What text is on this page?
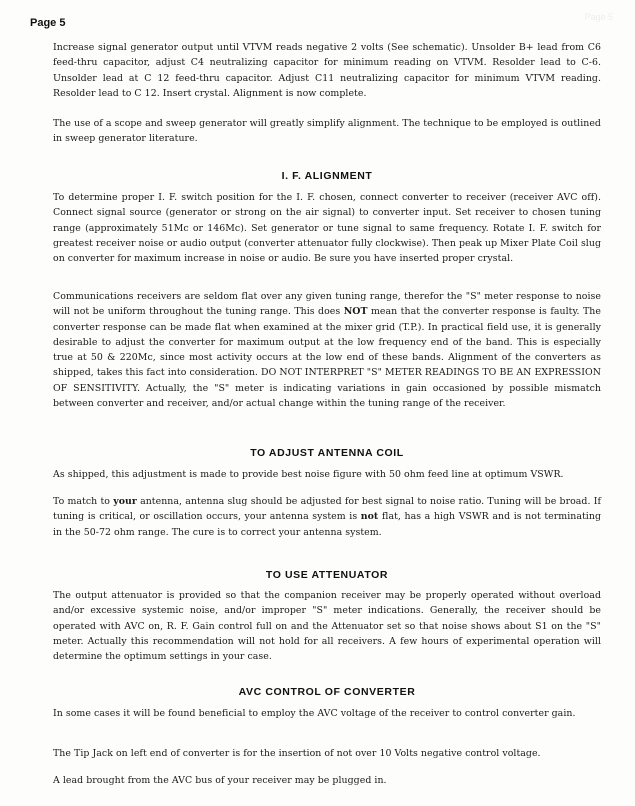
Page 5
Page 5

Increase signal generator output until VTVM reads negative 2 volts (See schematic). Unsolder B+ lead from C6 feed-thru capacitor, adjust C4 neutralizing capacitor for minimum reading on VTVM. Resolder lead to C-6. Unsolder lead at C 12 feed-thru capacitor. Adjust C11 neutralizing capacitor for minimum VTVM reading. Resolder lead to C 12. Insert crystal. Alignment is now complete.

The use of a scope and sweep generator will greatly simplify alignment. The technique to be employed is outlined in sweep generator literature.

I. F. ALIGNMENT

To determine proper I. F. switch position for the I. F. chosen, connect converter to receiver (receiver AVC off). Connect signal source (generator or strong on the air signal) to converter input. Set receiver to chosen tuning range (approximately 51Mc or 146Mc). Set generator or tune signal to same frequency. Rotate I. F. switch for greatest receiver noise or audio output (converter attenuator fully clockwise). Then peak up Mixer Plate Coil slug on converter for maximum increase in noise or audio. Be sure you have inserted proper crystal.

Communications receivers are seldom flat over any given tuning range, therefor the "S" meter response to noise will not be uniform throughout the tuning range. This does NOT mean that the converter response is faulty. The converter response can be made flat when examined at the mixer grid (T.P.). In practical field use, it is generally desirable to adjust the converter for maximum output at the low frequency end of the band. This is especially true at 50 & 220Mc, since most activity occurs at the low end of these bands. Alignment of the converters as shipped, takes this fact into consideration. DO NOT INTERPRET "S" METER READINGS TO BE AN EXPRESSION OF SENSITIVITY. Actually, the "S" meter is indicating variations in gain occasioned by possible mismatch between converter and receiver, and/or actual change within the tuning range of the receiver.

TO ADJUST ANTENNA COIL

As shipped, this adjustment is made to provide best noise figure with 50 ohm feed line at optimum VSWR.

To match to your antenna, antenna slug should be adjusted for best signal to noise ratio. Tuning will be broad. If tuning is critical, or oscillation occurs, your antenna system is not flat, has a high VSWR and is not terminating in the 50-72 ohm range. The cure is to correct your antenna system.

TO USE ATTENUATOR

The output attenuator is provided so that the companion receiver may be properly operated without overload and/or excessive systemic noise, and/or improper "S" meter indications. Generally, the receiver should be operated with AVC on, R. F. Gain control full on and the Attenuator set so that noise shows about S1 on the "S" meter. Actually this recommendation will not hold for all receivers. A few hours of experimental operation will determine the optimum settings in your case.

AVC CONTROL OF CONVERTER

In some cases it will be found beneficial to employ the AVC voltage of the receiver to control converter gain.

The Tip Jack on left end of converter is for the insertion of not over 10 Volts negative control voltage.

A lead brought from the AVC bus of your receiver may be plugged in.
